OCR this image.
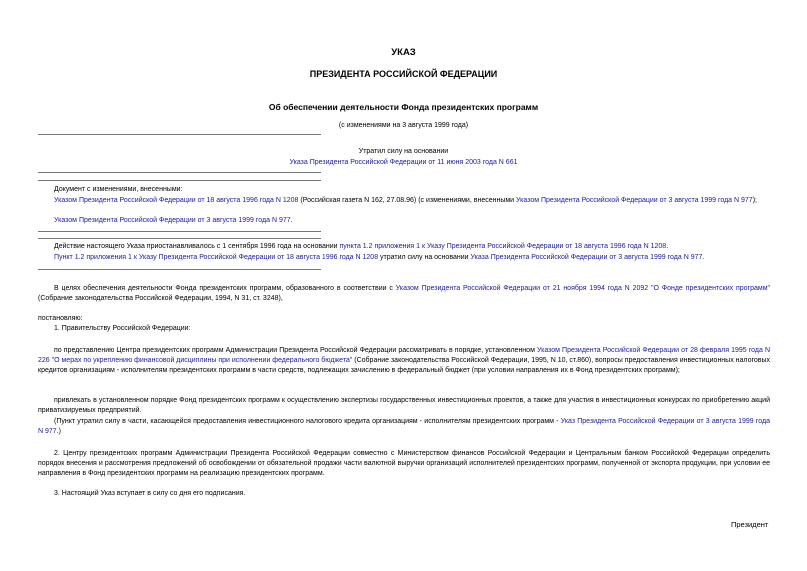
УКАЗ
ПРЕЗИДЕНТА РОССИЙСКОЙ ФЕДЕРАЦИИ
Об обеспечении деятельности Фонда президентских программ
(с изменениями на 3 августа 1999 года)
Утратил силу на основании
Указа Президента Российской Федерации от 11 июня 2003 года N 661
Документ с изменениями, внесенными:
Указом Президента Российской Федерации от 18 августа 1996 года N 1208 (Российская газета N 162, 27.08.96) (с изменениями, внесенными Указом Президента Российской Федерации от 3 августа 1999 года N 977);
Указом Президента Российской Федерации от 3 августа 1999 года N 977.
Действие настоящего Указа приостанавливалось с 1 сентября 1996 года на основании пункта 1.2 приложения 1 к Указу Президента Российской Федерации от 18 августа 1996 года N 1208.
Пункт 1.2 приложения 1 к Указу Президента Российской Федерации от 18 августа 1996 года N 1208 утратил силу на основании Указа Президента Российской Федерации от 3 августа 1999 года N 977.
В целях обеспечения деятельности Фонда президентских программ, образованного в соответствии с Указом Президента Российской Федерации от 21 ноября 1994 года N 2092 "О Фонде президентских программ" (Собрание законодательства Российской Федерации, 1994, N 31, ст. 3248),
постановляю:
1. Правительству Российской Федерации:
по представлению Центра президентских программ Администрации Президента Российской Федерации рассматривать в порядке, установленном Указом Президента Российской Федерации от 28 февраля 1995 года N 226 "О мерах по укреплению финансовой дисциплины при исполнении федерального бюджета" (Собрание законодательства Российской Федерации, 1995, N 10, ст.860), вопросы предоставления инвестиционных налоговых кредитов организациям - исполнителям президентских программ в части средств, подлежащих зачислению в федеральный бюджет (при условии направления их в Фонд президентских программ);
привлекать в установленном порядке Фонд президентских программ к осуществлению экспертизы государственных инвестиционных проектов, а также для участия в инвестиционных конкурсах по приобретению акций приватизируемых предприятий.
(Пункт утратил силу в части, касающейся предоставления инвестиционного налогового кредита организациям - исполнителям президентских программ - Указ Президента Российской Федерации от 3 августа 1999 года N 977.)
2. Центру президентских программ Администрации Президента Российской Федерации совместно с Министерством финансов Российской Федерации и Центральным банком Российской Федерации определить порядок внесения и рассмотрения предложений об освобождении от обязательной продажи части валютной выручки организаций исполнителей президентских программ, полученной от экспорта продукции, при условии ее направления в Фонд президентских программ на реализацию президентских программ.
3. Настоящий Указ вступает в силу со дня его подписания.
Президент
